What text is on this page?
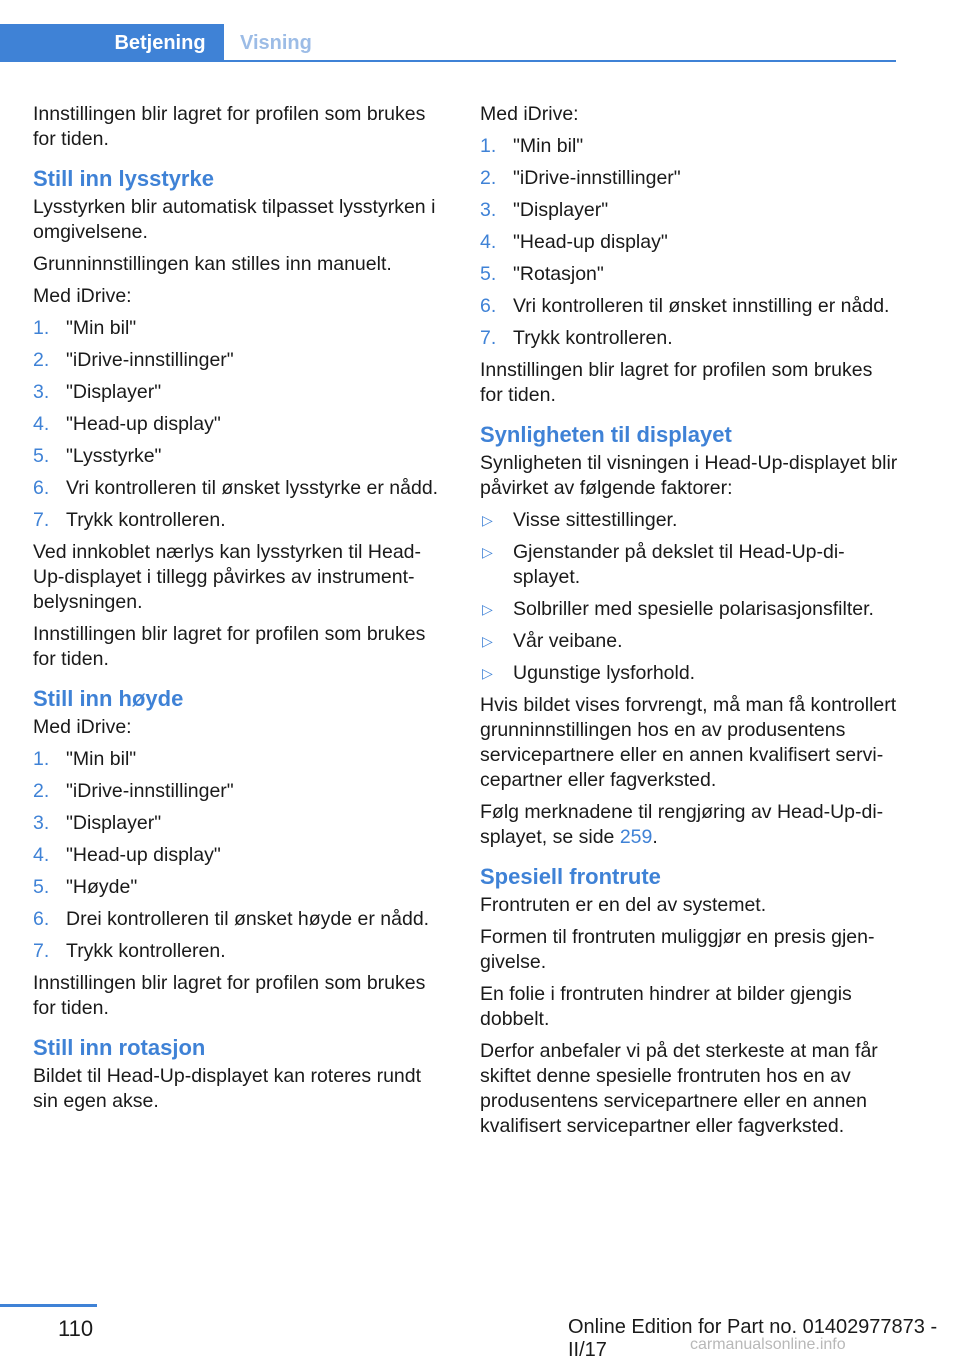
Betjening	Visning

Innstillingen blir lagret for profilen som brukes for tiden.

Still inn lysstyrke

Lysstyrken blir automatisk tilpasset lysstyrken i omgivelsene.

Grunninnstillingen kan stilles inn manuelt.

Med iDrive:

1. "Min bil"
2. "iDrive-innstillinger"
3. "Displayer"
4. "Head-up display"
5. "Lysstyrke"
6. Vri kontrolleren til ønsket lysstyrke er nådd.
7. Trykk kontrolleren.

Ved innkoblet nærlys kan lysstyrken til Head-Up-displayet i tillegg påvirkes av instrumentbelysningen.

Innstillingen blir lagret for profilen som brukes for tiden.

Still inn høyde

Med iDrive:

1. "Min bil"
2. "iDrive-innstillinger"
3. "Displayer"
4. "Head-up display"
5. "Høyde"
6. Drei kontrolleren til ønsket høyde er nådd.
7. Trykk kontrolleren.

Innstillingen blir lagret for profilen som brukes for tiden.

Still inn rotasjon

Bildet til Head-Up-displayet kan roteres rundt sin egen akse.

Med iDrive:

1. "Min bil"
2. "iDrive-innstillinger"
3. "Displayer"
4. "Head-up display"
5. "Rotasjon"
6. Vri kontrolleren til ønsket innstilling er nådd.
7. Trykk kontrolleren.

Innstillingen blir lagret for profilen som brukes for tiden.

Synligheten til displayet

Synligheten til visningen i Head-Up-displayet blir påvirket av følgende faktorer:

▷ Visse sittestillinger.
▷ Gjenstander på dekslet til Head-Up-displayet.
▷ Solbriller med spesielle polarisasjonsfilter.
▷ Vår veibane.
▷ Ugunstige lysforhold.

Hvis bildet vises forvrengt, må man få kontrollert grunninnstillingen hos en av produsentens servicepartnere eller en annen kvalifisert servicepartner eller fagverksted.

Følg merknadene til rengjøring av Head-Up-displayet, se side 259.

Spesiell frontrute

Frontruten er en del av systemet.

Formen til frontruten muliggjør en presis gjengivelse.

En folie i frontruten hindrer at bilder gjengis dobbelt.

Derfor anbefaler vi på det sterkeste at man får skiftet denne spesielle frontruten hos en av produsentens servicepartnere eller en annen kvalifisert servicepartner eller fagverksted.

110	Online Edition for Part no. 01402977873 - II/17	carmanualsonline.info
